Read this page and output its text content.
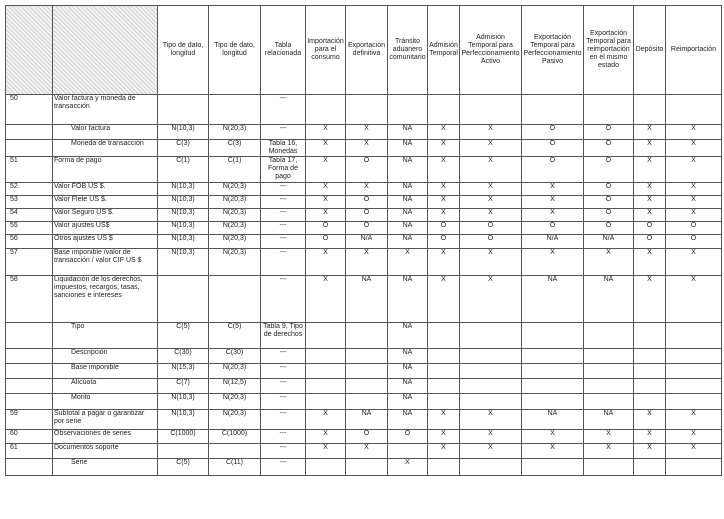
		Tipo de dato, longitud	Tipo de dato, longitud	Tabla relacionada	Importación para el consumo	Exportación definitiva	Tránsito aduanero comunitario	Admisión Temporal	Admisión Temporal para Perfeccionamiento Activo	Exportación Temporal para Perfeccionamiento Pasivo	Exportación Temporal para reimportación en el mismo estado	Depósito	Reimportación
50	Valor factura y moneda de transacción			---									
	Valor factura	N(10,3)	N(20,3)	---	X	X	NA	X	X	O	O	X	X
	Moneda de transacción	C(3)	C(3)	Tabla 16, Monedas	X	X	NA	X	X	O	O	X	X
51	Forma de pago	C(1)	C(1)	Tabla 17, Forma de pago	X	O	NA	X	X	O	O	X	X
52	Valor FOB US $.	N(10,3)	N(20,3)	---	X	X	NA	X	X	X	O	X	X
53	Valor Flete US $.	N(10,3)	N(20,3)	---	X	O	NA	X	X	X	O	X	X
54	Valor Seguro US $.	N(10,3)	N(20,3)	---	X	O	NA	X	X	X	O	X	X
55	Valor ajustes US$	N(10,3)	N(20,3)	---	O	O	NA	O	O	O	O	O	O
56	Otros ajustes US $	N(10,3)	N(20,3)	---	O	N/A	NA	O	O	N/A	N/A	O	O
57	Base imponible /valor de transacción / valor CIF US $	N(10,3)	N(20,3)	---	X	X	X	X	X	X	X	X	X
58	Liquidación de los derechos, impuestos, recargos, tasas, sanciones e intereses			---	X	NA	NA	X	X	NA	NA	X	X
	Tipo	C(5)	C(5)	Tabla 9, Tipo de derechos			NA						
	Descripción	C(30)	C(30)	---			NA						
	Base imponible	N(15,3)	N(20,3)	---			NA						
	Alícuota	C(7)	N(12,5)	---			NA						
	Monto	N(10,3)	N(20,3)	---			NA						
59	Subtotal a pagar o garantizar por serie	N(10,3)	N(20,3)	---	X	NA	NA	X	X	NA	NA	X	X
60	Observaciones de series	C(1000)	C(1000)	---	X	O	O	X	X	X	X	X	X
61	Documentos soporte			---	X	X		X	X	X	X	X	X
	Serie	C(5)	C(11)	---			X						
